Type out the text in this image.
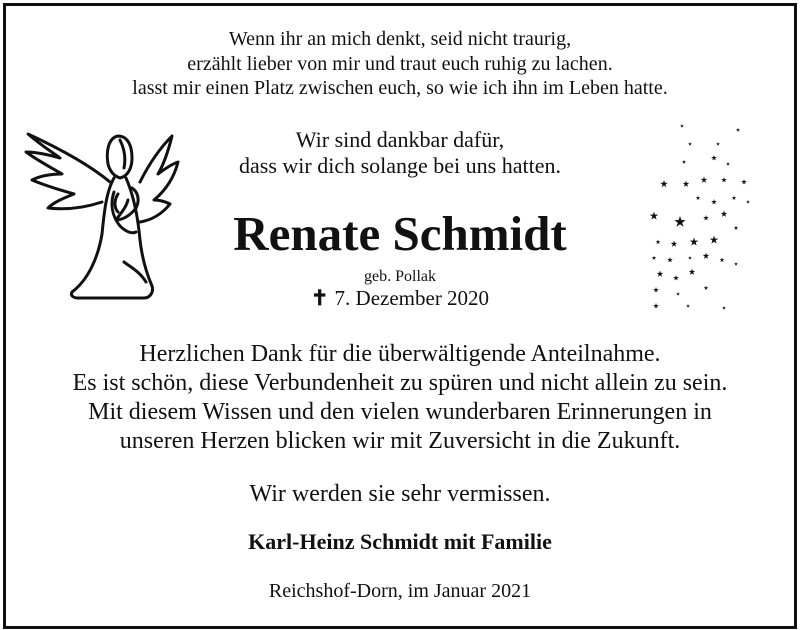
Wenn ihr an mich denkt, seid nicht traurig,
erzählt lieber von mir und traut euch ruhig zu lachen.
lasst mir einen Platz zwischen euch, so wie ich ihn im Leben hatte.
Wir sind dankbar dafür,
dass wir dich solange bei uns hatten.
Renate Schmidt
geb. Pollak
✝ 7. Dezember 2020
Herzlichen Dank für die überwältigende Anteilnahme.
Es ist schön, diese Verbundenheit zu spüren und nicht allein zu sein.
Mit diesem Wissen und den vielen wunderbaren Erinnerungen in
unseren Herzen blicken wir mit Zuversicht in die Zukunft.
Wir werden sie sehr vermissen.
Karl-Heinz Schmidt mit Familie
Reichshof-Dorn, im Januar 2021
